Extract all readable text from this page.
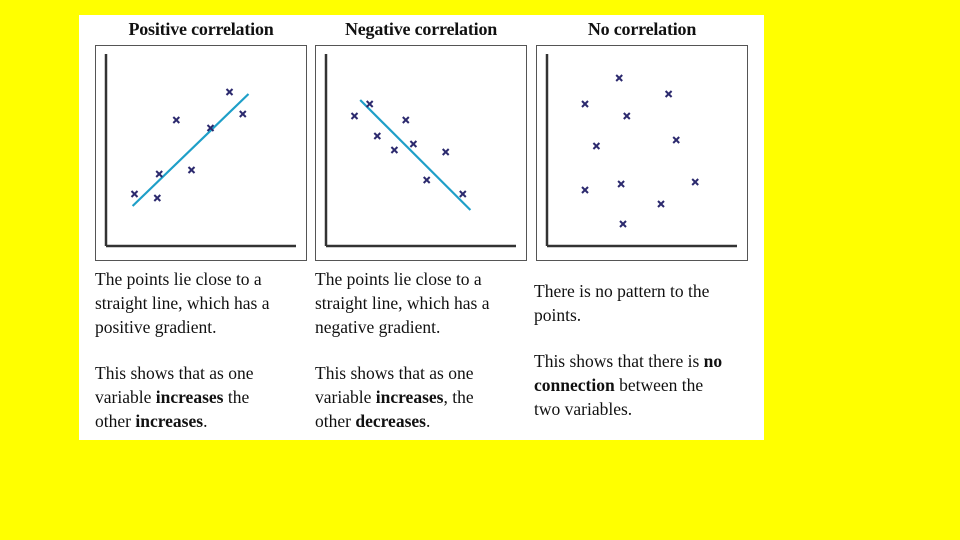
Positive correlation

The points lie close to a

straight line, which has a

positive gradient.

This shows that as one

variable increases the

other increases.

Negative correlation

The points lie close to a

straight line, which has a

negative gradient.

This shows that as one

variable increases, the

other decreases.

No correlation

There is no pattern to the

points.

This shows that there is no

connection between the

two variables.
